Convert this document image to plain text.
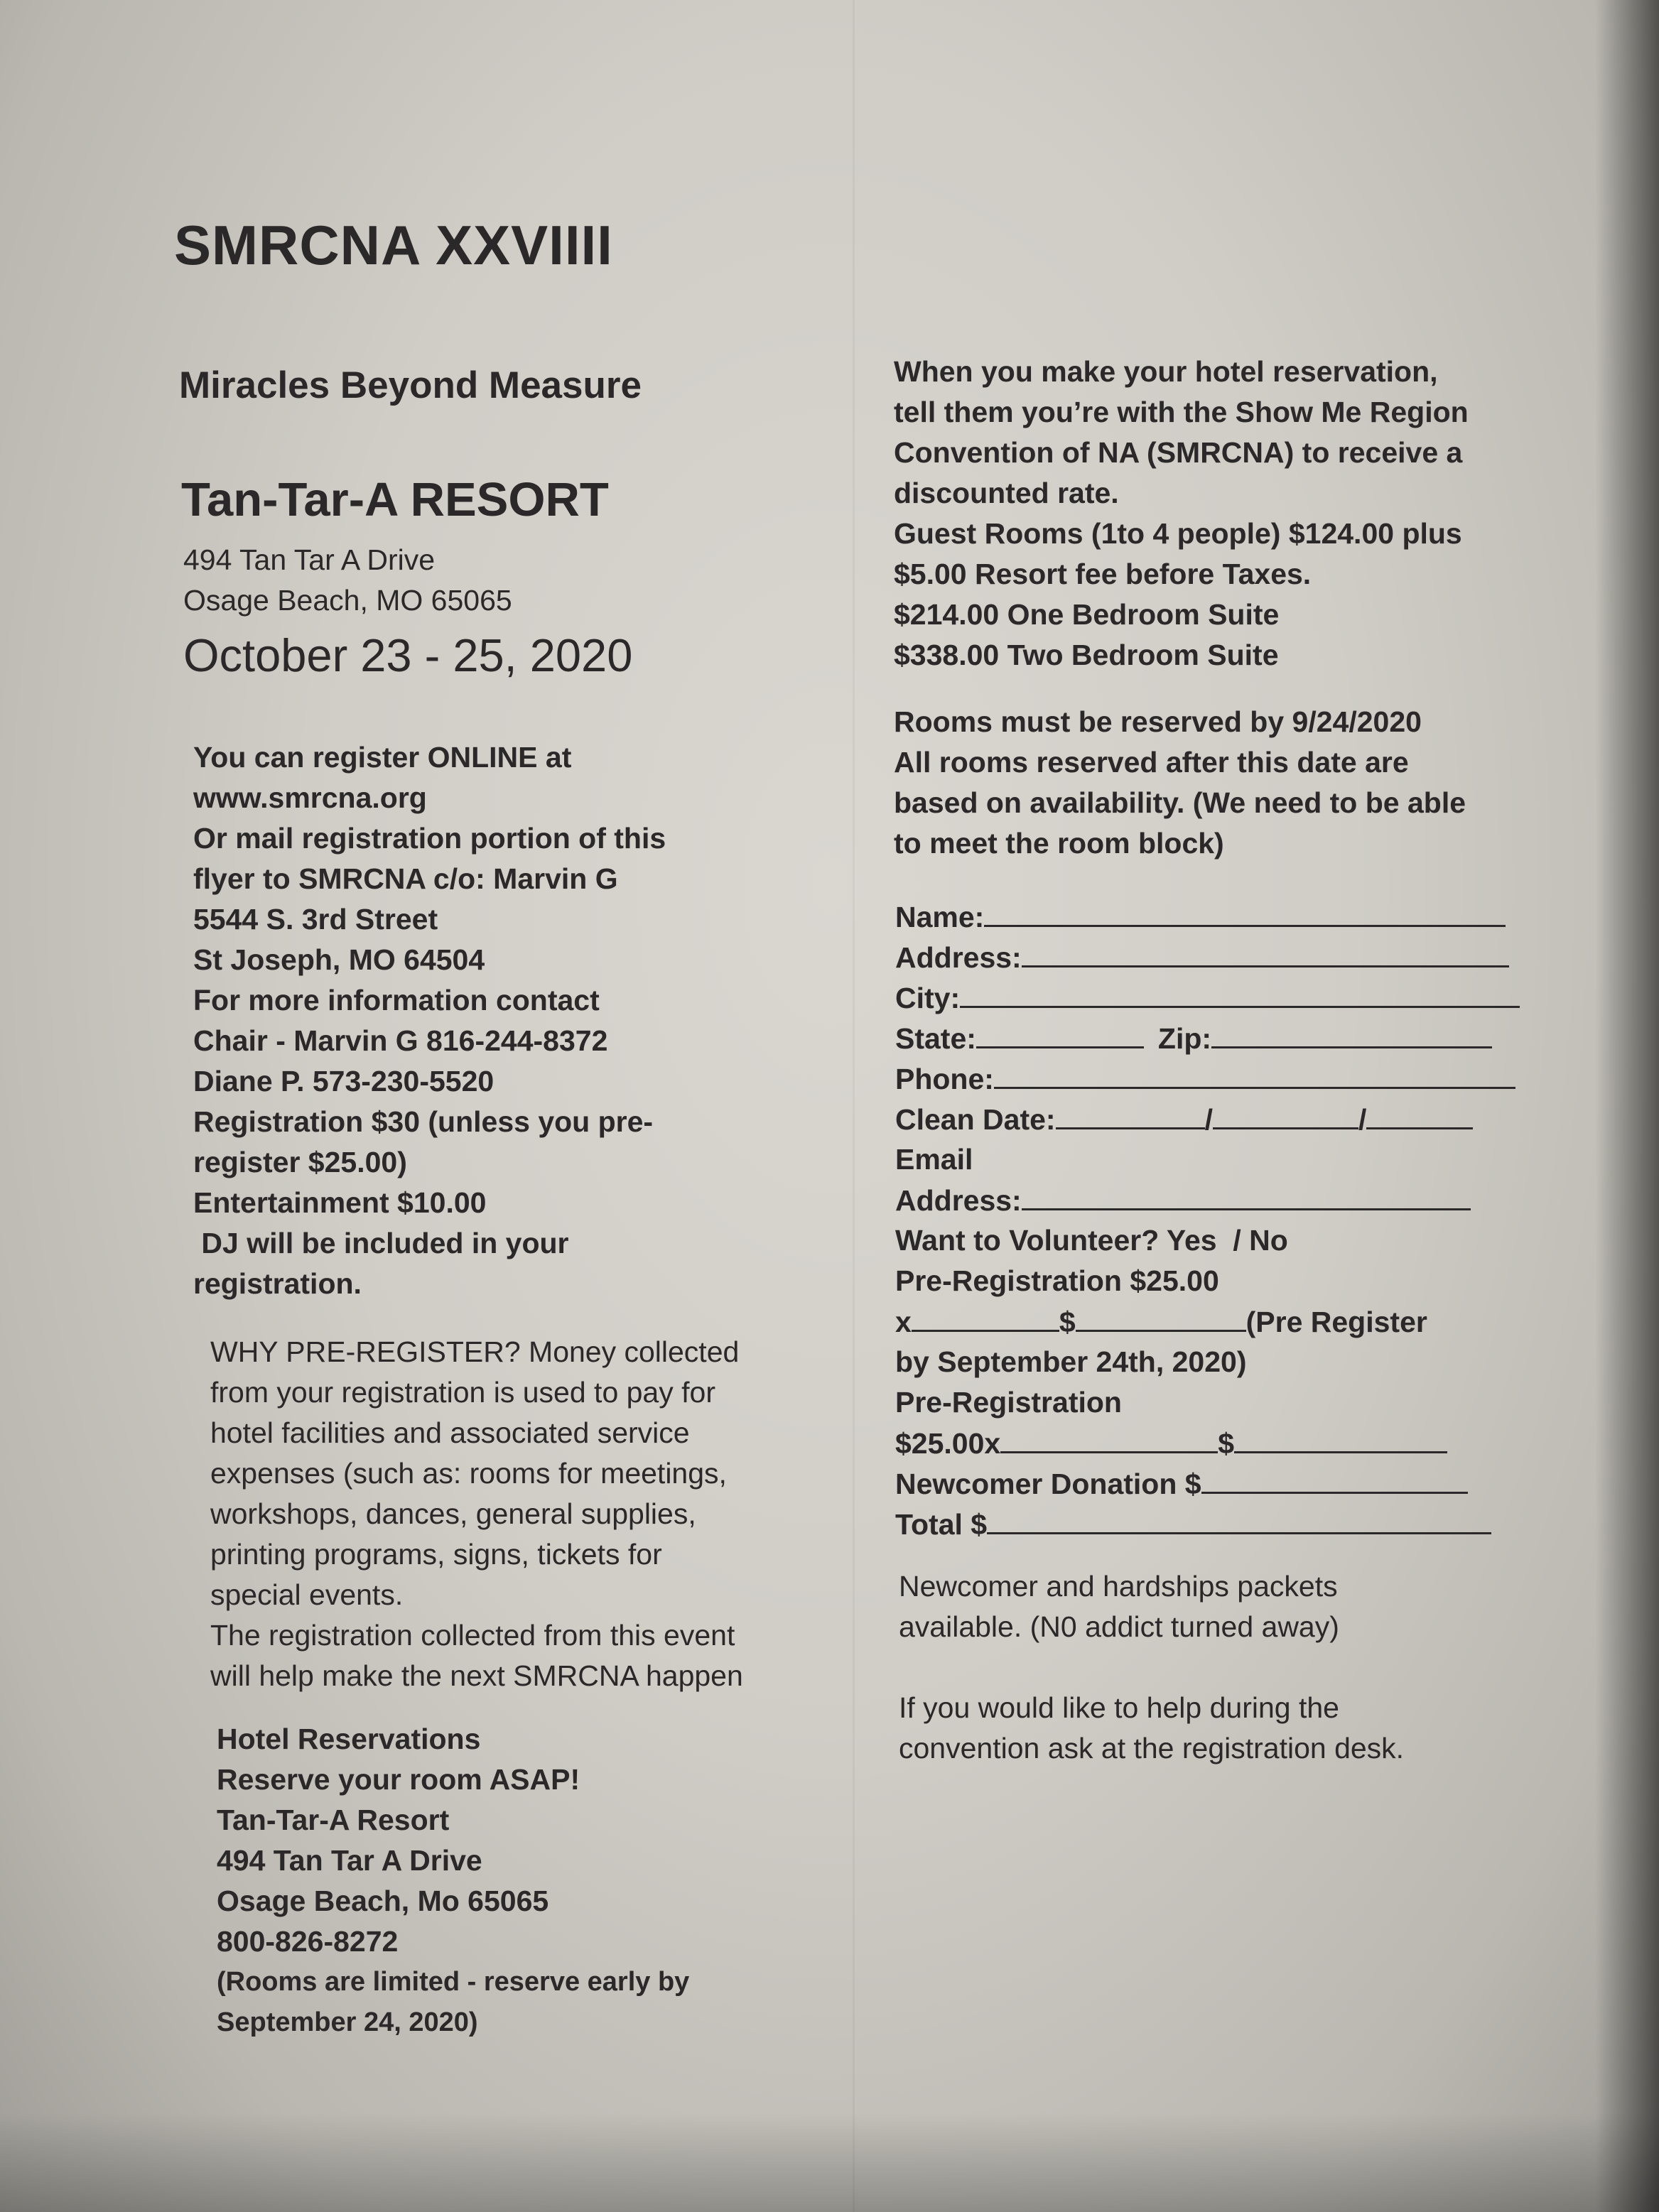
SMRCNA XXVIIII
Miracles Beyond Measure
Tan-Tar-A RESORT
494 Tan Tar A Drive
Osage Beach, MO 65065
October 23 - 25, 2020
You can register ONLINE at
www.smrcna.org
Or mail registration portion of this
flyer to SMRCNA c/o: Marvin G
5544 S. 3rd Street
St Joseph, MO 64504
For more information contact
Chair - Marvin G 816-244-8372
Diane P. 573-230-5520
Registration $30 (unless you pre-
register $25.00)
Entertainment $10.00
DJ will be included in your
registration.
WHY PRE-REGISTER? Money collected
from your registration is used to pay for
hotel facilities and associated service
expenses (such as: rooms for meetings,
workshops, dances, general supplies,
printing programs, signs, tickets for
special events.
The registration collected from this event
will help make the next SMRCNA happen
Hotel Reservations
Reserve your room ASAP!
Tan-Tar-A Resort
494 Tan Tar A Drive
Osage Beach, Mo 65065
800-826-8272
(Rooms are limited - reserve early by
September 24, 2020)
When you make your hotel reservation,
tell them you’re with the Show Me Region
Convention of NA (SMRCNA) to receive a
discounted rate.
Guest Rooms (1to 4 people) $124.00 plus
$5.00 Resort fee before Taxes.
$214.00 One Bedroom Suite
$338.00 Two Bedroom Suite
Rooms must be reserved by 9/24/2020
All rooms reserved after this date are
based on availability. (We need to be able
to meet the room block)
Name:
Address:
City:
State:	Zip:
Phone:
Clean Date:	/	/
Email
Address:
Want to Volunteer? Yes  / No
Pre-Registration $25.00
x	$	(Pre Register
by September 24th, 2020)
Pre-Registration
$25.00x	$
Newcomer Donation $
Total $
Newcomer and hardships packets
available. (N0 addict turned away)
If you would like to help during the
convention ask at the registration desk.
